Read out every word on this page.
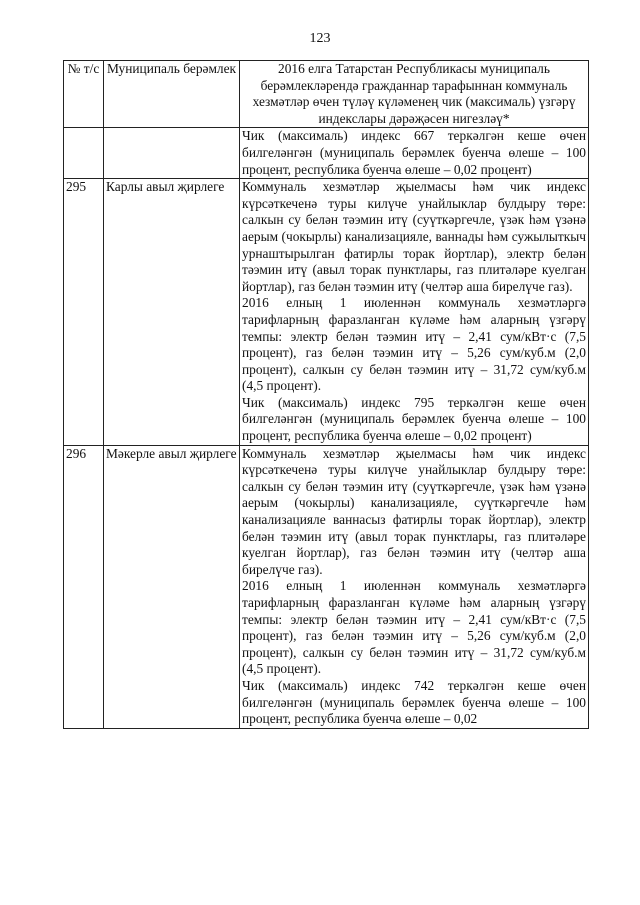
123
№ т/с	Муниципаль берәмлек	2016 елга Татарстан Республикасы муниципаль берәмлекләрендә гражданнар тарафыннан коммуналь хезмәтләр өчен түләү күләменең чик (максималь) үзгәрү индекслары дәрәҗәсен нигезләү*

		Чик (максималь) индекс 667 теркәлгән кеше өчен билгеләнгән (муниципаль берәмлек буенча өлеше – 100 процент, республика буенча өлеше – 0,02 процент)

295	Карлы авыл җирлеге	Коммуналь хезмәтләр җыелмасы һәм чик индекс күрсәткеченә туры килүче унайлыклар булдыру төре: салкын су белән тәэмин итү (суүткәргечле, үзәк һәм үзәнә аерым (чокырлы) канализацияле, ваннады һәм сужылыткыч урнаштырылган фатирлы торак йортлар), электр белән тәэмин итү (авыл торак пунктлары, газ плитәләре куелган йортлар), газ белән тәэмин итү (челтәр аша бирелүче газ).

2016 елның 1 июленнән коммуналь хезмәтләргә тарифларның фаразланган күләме һәм аларның үзгәрү темпы: электр белән тәэмин итү – 2,41 сум/кВт·с (7,5 процент), газ белән тәэмин итү – 5,26 сум/куб.м (2,0 процент), салкын су белән тәэмин итү – 31,72 сум/куб.м (4,5 процент).

Чик (максималь) индекс 795 теркәлгән кеше өчен билгеләнгән (муниципаль берәмлек буенча өлеше – 100 процент, республика буенча өлеше – 0,02 процент)

296	Мәкерле авыл җирлеге	Коммуналь хезмәтләр җыелмасы һәм чик индекс күрсәткеченә туры килүче унайлыклар булдыру төре: салкын су белән тәэмин итү (суүткәргечле, үзәк һәм үзәнә аерым (чокырлы) канализацияле, суүткәргечле һәм канализацияле ваннасыз фатирлы торак йортлар), электр белән тәэмин итү (авыл торак пунктлары, газ плитәләре куелган йортлар), газ белән тәэмин итү (челтәр аша бирелүче газ).

2016 елның 1 июленнән коммуналь хезмәтләргә тарифларның фаразланган күләме һәм аларның үзгәрү темпы: электр белән тәэмин итү – 2,41 сум/кВт·с (7,5 процент), газ белән тәэмин итү – 5,26 сум/куб.м (2,0 процент), салкын су белән тәэмин итү – 31,72 сум/куб.м (4,5 процент).

Чик (максималь) индекс 742 теркәлгән кеше өчен билгеләнгән (муниципаль берәмлек буенча өлеше – 100 процент, республика буенча өлеше – 0,02
